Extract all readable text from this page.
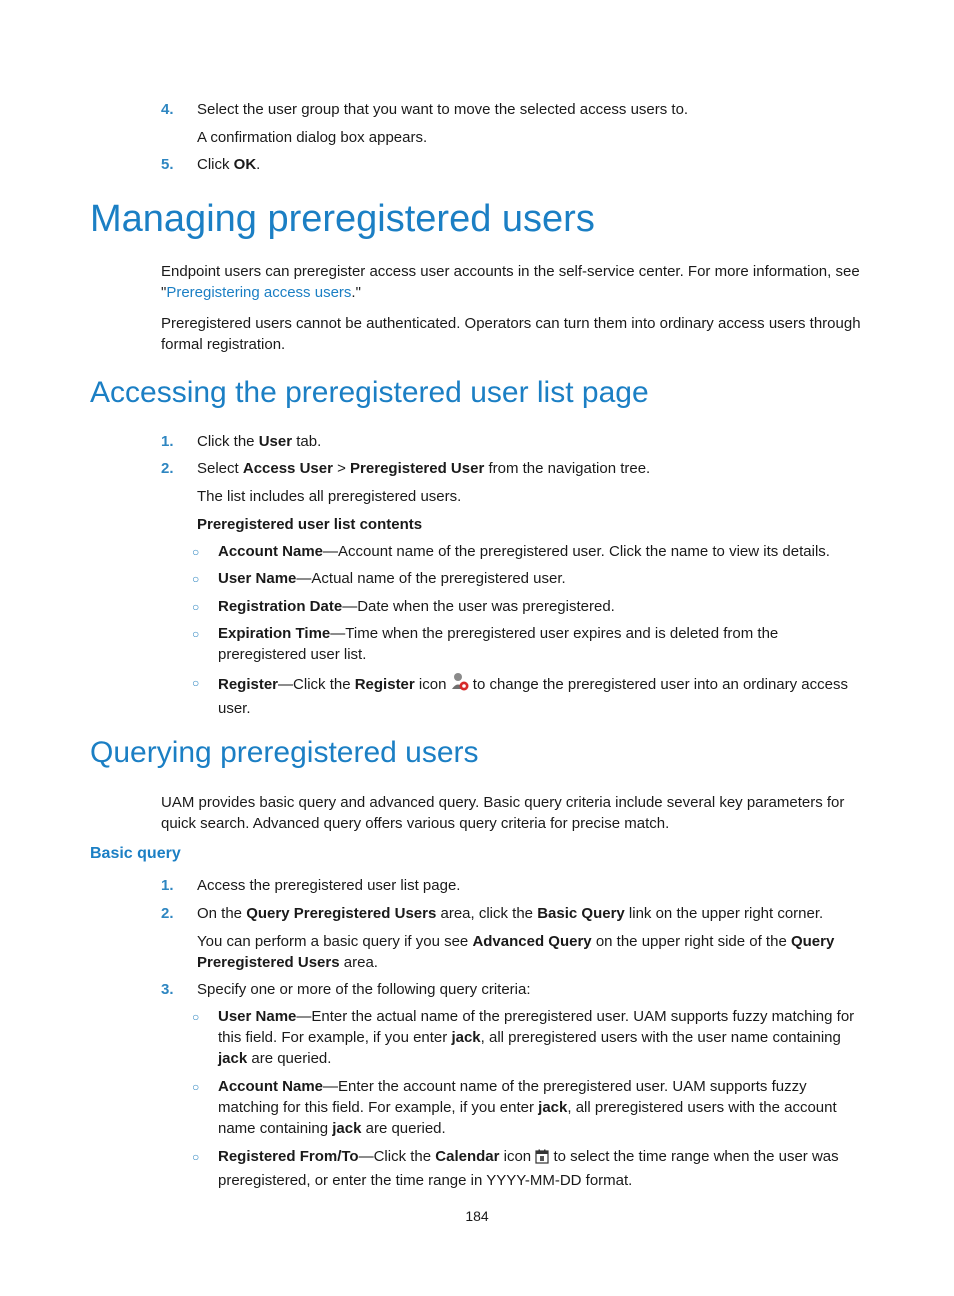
4. Select the user group that you want to move the selected access users to.
A confirmation dialog box appears.
5. Click OK.
Managing preregistered users
Endpoint users can preregister access user accounts in the self-service center. For more information, see "Preregistering access users."
Preregistered users cannot be authenticated. Operators can turn them into ordinary access users through formal registration.
Accessing the preregistered user list page
1. Click the User tab.
2. Select Access User > Preregistered User from the navigation tree.
The list includes all preregistered users.
Preregistered user list contents
○ Account Name—Account name of the preregistered user. Click the name to view its details.
○ User Name—Actual name of the preregistered user.
○ Registration Date—Date when the user was preregistered.
○ Expiration Time—Time when the preregistered user expires and is deleted from the preregistered user list.
○ Register—Click the Register icon  to change the preregistered user into an ordinary access user.
Querying preregistered users
UAM provides basic query and advanced query. Basic query criteria include several key parameters for quick search. Advanced query offers various query criteria for precise match.
Basic query
1. Access the preregistered user list page.
2. On the Query Preregistered Users area, click the Basic Query link on the upper right corner.
You can perform a basic query if you see Advanced Query on the upper right side of the Query Preregistered Users area.
3. Specify one or more of the following query criteria:
○ User Name—Enter the actual name of the preregistered user. UAM supports fuzzy matching for this field. For example, if you enter jack, all preregistered users with the user name containing jack are queried.
○ Account Name—Enter the account name of the preregistered user. UAM supports fuzzy matching for this field. For example, if you enter jack, all preregistered users with the account name containing jack are queried.
○ Registered From/To—Click the Calendar icon  to select the time range when the user was preregistered, or enter the time range in YYYY-MM-DD format.
184
